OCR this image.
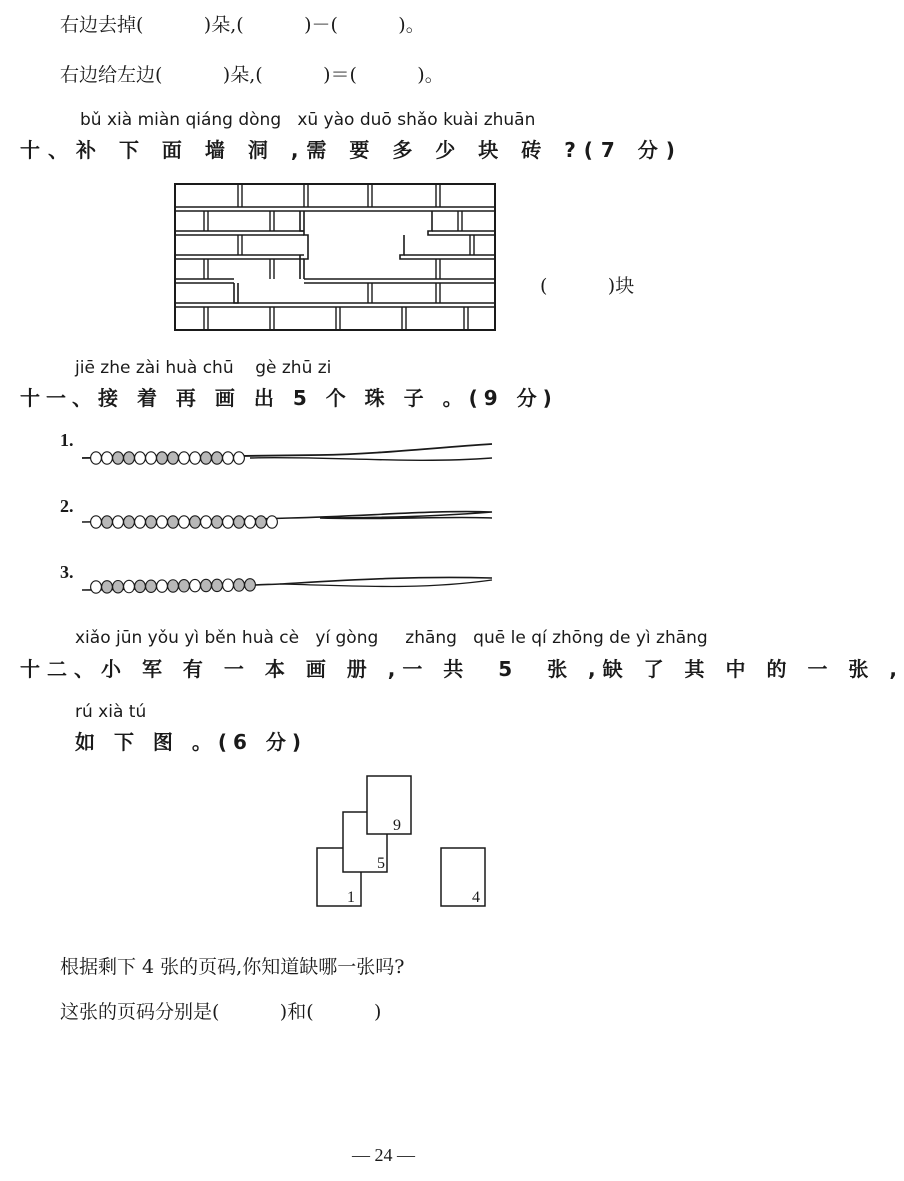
右边去掉(          )朵,(          )－(          )。
右边给左边(          )朵,(          )＝(          )。
bǔ xià miàn qiáng dòng   xū yào duō shǎo kuài zhuān
十、补 下 面 墙 洞 ,需 要 多 少 块 砖 ?(7 分)
(          )块
jiē zhe zài huà chū    gè zhū zi
十一、接 着 再 画 出 5 个 珠 子 。(9 分)
1.
2.
3.
xiǎo jūn yǒu yì běn huà cè   yí gòng     zhāng   quē le qí zhōng de yì zhāng
十二、小 军 有 一 本 画 册 ,一 共  5  张 ,缺 了 其 中 的 一 张 ,
rú xià tú
如 下 图 。(6 分)
9
5
1	4
根据剩下 4 张的页码,你知道缺哪一张吗?
这张的页码分别是(          )和(          )
— 24 —
